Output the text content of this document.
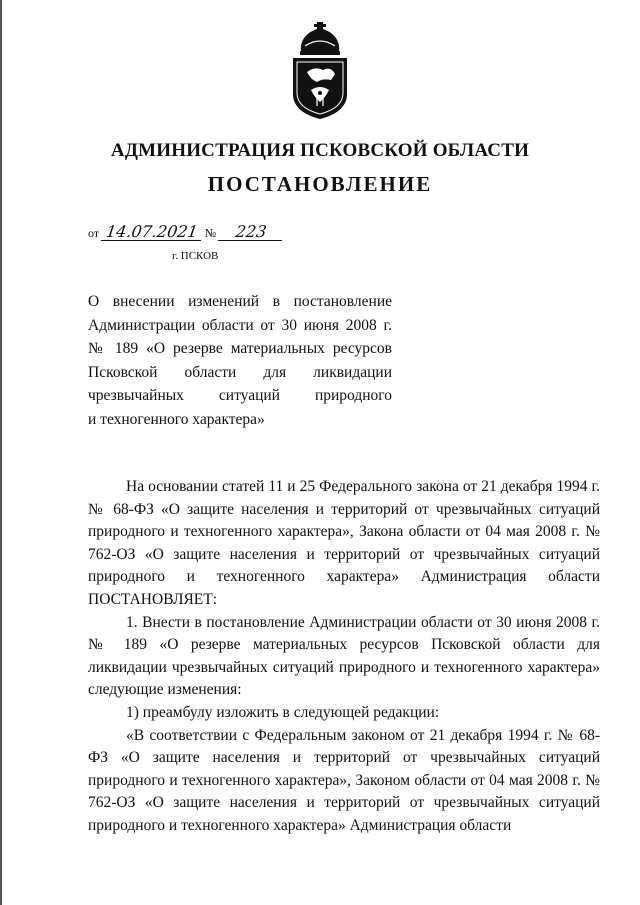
АДМИНИСТРАЦИЯ ПСКОВСКОЙ ОБЛАСТИ
ПОСТАНОВЛЕНИЕ
от 14.07.2021 № 223
г. ПСКОВ
О внесении изменений в постановление
Администрации области от 30 июня 2008 г.
№ 189 «О резерве материальных ресурсов
Псковской области для ликвидации
чрезвычайных ситуаций природного
и техногенного характера»

На основании статей 11 и 25 Федерального закона от 21 декабря 1994 г. № 68-ФЗ «О защите населения и территорий от чрезвычайных ситуаций природного и техногенного характера», Закона области от 04 мая 2008 г. № 762-ОЗ «О защите населения и территорий от чрезвычайных ситуаций природного и техногенного характера» Администрация области ПОСТАНОВЛЯЕТ:

1. Внести в постановление Администрации области от 30 июня 2008 г. № 189 «О резерве материальных ресурсов Псковской области для ликвидации чрезвычайных ситуаций природного и техногенного характера» следующие изменения:

1) преамбулу изложить в следующей редакции:

«В соответствии с Федеральным законом от 21 декабря 1994 г. № 68-ФЗ «О защите населения и территорий от чрезвычайных ситуаций природного и техногенного характера», Законом области от 04 мая 2008 г. № 762-ОЗ «О защите населения и территорий от чрезвычайных ситуаций природного и техногенного характера» Администрация области
